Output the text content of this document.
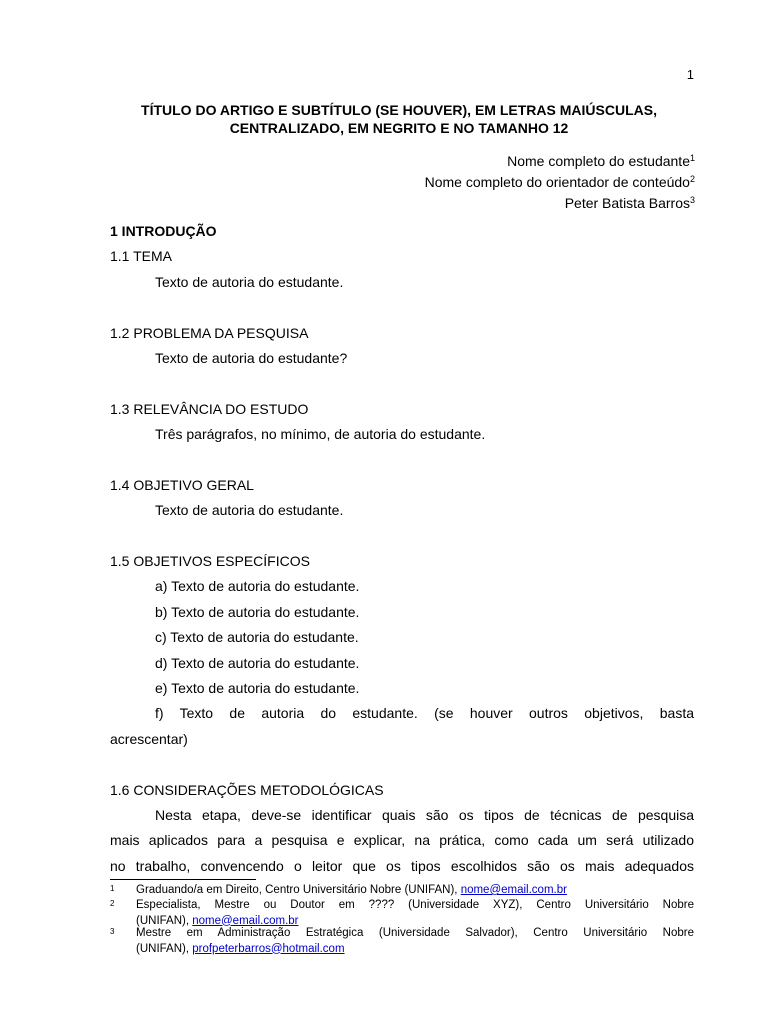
1
TÍTULO DO ARTIGO E SUBTÍTULO (SE HOUVER), EM LETRAS MAIÚSCULAS,
CENTRALIZADO, EM NEGRITO E NO TAMANHO 12
Nome completo do estudante$^1$
Nome completo do orientador de conteúdo$^2$
Peter Batista Barros$^3$
1 INTRODUÇÃO
1.1 TEMA
Texto de autoria do estudante.
1.2 PROBLEMA DA PESQUISA
Texto de autoria do estudante?
1.3 RELEVÂNCIA DO ESTUDO
Três parágrafos, no mínimo, de autoria do estudante.
1.4 OBJETIVO GERAL
Texto de autoria do estudante.
1.5 OBJETIVOS ESPECÍFICOS
a) Texto de autoria do estudante.
b) Texto de autoria do estudante.
c) Texto de autoria do estudante.
d) Texto de autoria do estudante.
e) Texto de autoria do estudante.
f) Texto de autoria do estudante. (se houver outros objetivos, basta
acrescentar)
1.6 CONSIDERAÇÕES METODOLÓGICAS
Nesta etapa, deve-se identificar quais são os tipos de técnicas de pesquisa
mais aplicados para a pesquisa e explicar, na prática, como cada um será utilizado
no trabalho, convencendo o leitor que os tipos escolhidos são os mais adequados
1	Graduando/a em Direito, Centro Universitário Nobre (UNIFAN), nome@email.com.br
2	Especialista, Mestre ou Doutor em ???? (Universidade XYZ), Centro Universitário Nobre
(UNIFAN), nome@email.com.br
3	Mestre em Administração Estratégica (Universidade Salvador), Centro Universitário Nobre
(UNIFAN), profpeterbarros@hotmail.com
